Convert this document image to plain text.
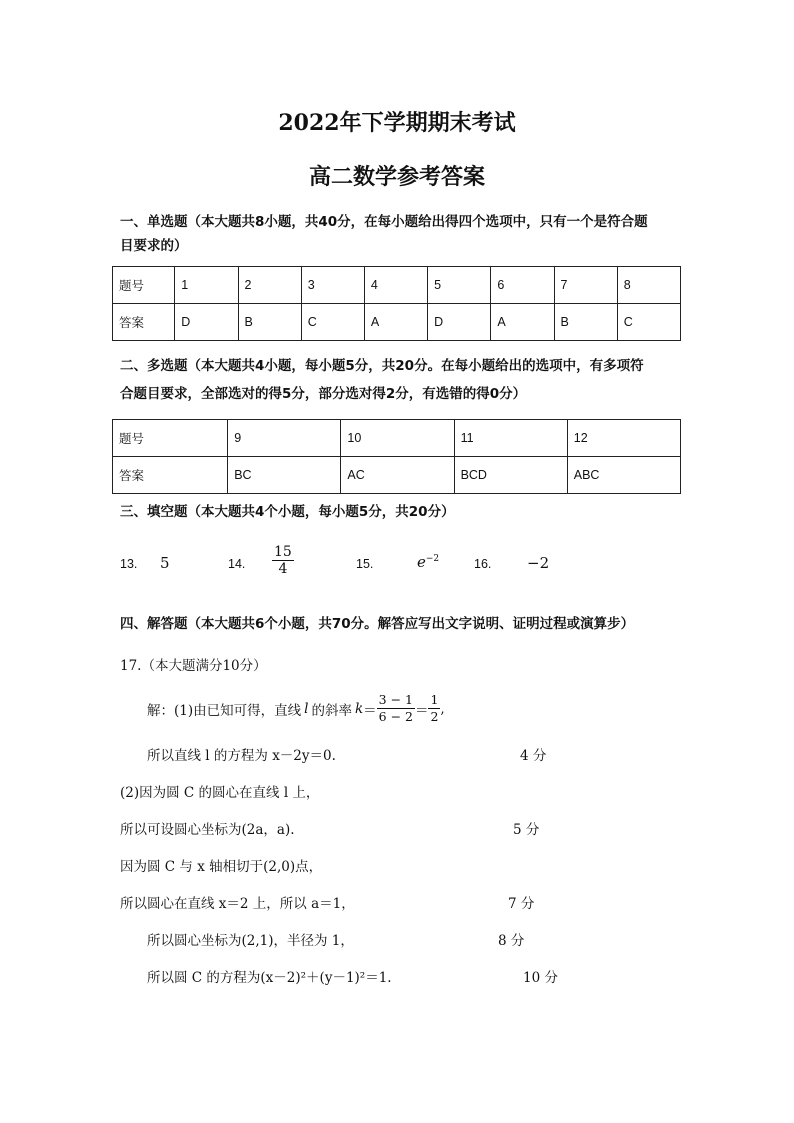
2022年下学期期末考试
高二数学参考答案
一、单选题（本大题共8小题，共40分，在每小题给出得四个选项中，只有一个是符合题
目要求的）
题号	1	2	3	4	5	6	7	8
答案	D	B	C	A	D	A	B	C
二、多选题（本大题共4小题，每小题5分，共20分。在每小题给出的选项中，有多项符
合题目要求，全部选对的得5分，部分选对得2分，有选错的得0分）
题号	9	10	11	12
答案	BC	AC	BCD	ABC
三、填空题（本大题共4个小题，每小题5分，共20分）
13. 5	14. $\frac{15}{4}$	15.	$e^{-2}$	16. −2
四、解答题（本大题共6个小题，共70分。解答应写出文字说明、证明过程或演算步）
17.（本大题满分10分）
解：(1)由已知可得，直线 l 的斜率 $k = \frac{3 - 1}{6 - 2} = \frac{1}{2}$ ,
所以直线 l 的方程为 x－2y＝0.	4 分
(2)因为圆 C 的圆心在直线 l 上，
所以可设圆心坐标为(2a，a).	5 分
因为圆 C 与 x 轴相切于(2,0)点，
所以圆心在直线 x＝2 上，所以 a＝1，	7 分
所以圆心坐标为(2,1)，半径为 1，	8 分
所以圆 C 的方程为(x－2)²＋(y－1)²＝1.	10 分
